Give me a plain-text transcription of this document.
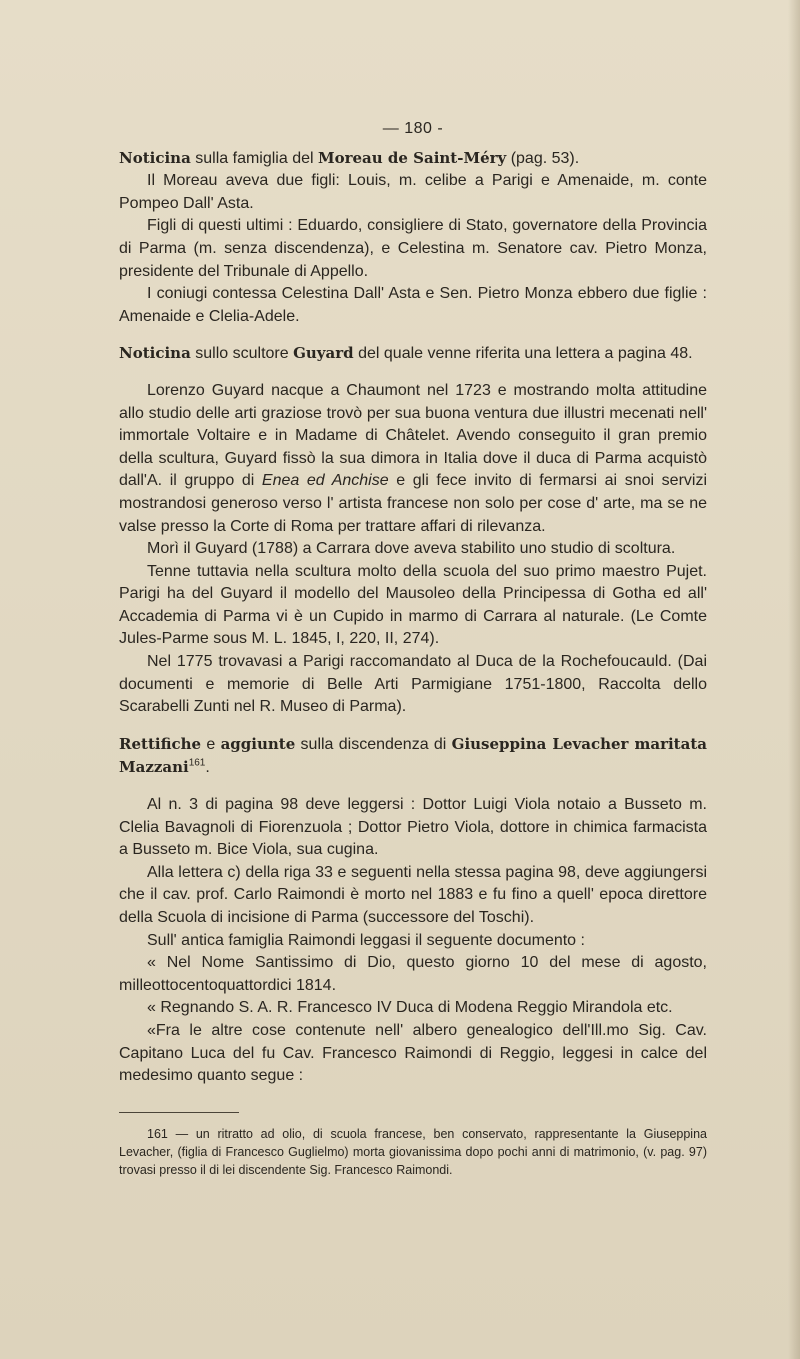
— 180 -

Noticina sulla famiglia del Moreau de Saint-Méry (pag. 53).

Il Moreau aveva due figli: Louis, m. celibe a Parigi e Amenaide, m. conte Pompeo Dall' Asta.

Figli di questi ultimi : Eduardo, consigliere di Stato, governatore della Provincia di Parma (m. senza discendenza), e Celestina m. Senatore cav. Pietro Monza, presidente del Tribunale di Appello.

I coniugi contessa Celestina Dall' Asta e Sen. Pietro Monza ebbero due figlie : Amenaide e Clelia-Adele.

Noticina sullo scultore Guyard del quale venne riferita una lettera a pagina 48.

Lorenzo Guyard nacque a Chaumont nel 1723 e mostrando molta attitudine allo studio delle arti graziose trovò per sua buona ventura due illustri mecenati nell' immortale Voltaire e in Madame di Châtelet. Avendo conseguito il gran premio della scultura, Guyard fissò la sua dimora in Italia dove il duca di Parma acquistò dall'A. il gruppo di Enea ed Anchise e gli fece invito di fermarsi ai snoi servizi mostrandosi generoso verso l' artista francese non solo per cose d' arte, ma se ne valse presso la Corte di Roma per trattare affari di rilevanza.

Morì il Guyard (1788) a Carrara dove aveva stabilito uno studio di scoltura.

Tenne tuttavia nella scultura molto della scuola del suo primo maestro Pujet. Parigi ha del Guyard il modello del Mausoleo della Principessa di Gotha ed all' Accademia di Parma vi è un Cupido in marmo di Carrara al naturale. (Le Comte Jules-Parme sous M. L. 1845, I, 220, II, 274).

Nel 1775 trovavasi a Parigi raccomandato al Duca de la Rochefoucauld. (Dai documenti e memorie di Belle Arti Parmigiane 1751-1800, Raccolta dello Scarabelli Zunti nel R. Museo di Parma).

Rettifiche e aggiunte sulla discendenza di Giuseppina Levacher maritata Mazzani$^{161}$.

Al n. 3 di pagina 98 deve leggersi : Dottor Luigi Viola notaio a Busseto m. Clelia Bavagnoli di Fiorenzuola ; Dottor Pietro Viola, dottore in chimica farmacista a Busseto m. Bice Viola, sua cugina.

Alla lettera c) della riga 33 e seguenti nella stessa pagina 98, deve aggiungersi che il cav. prof. Carlo Raimondi è morto nel 1883 e fu fino a quell' epoca direttore della Scuola di incisione di Parma (successore del Toschi).

Sull' antica famiglia Raimondi leggasi il seguente documento :

« Nel Nome Santissimo di Dio, questo giorno 10 del mese di agosto, milleottocentoquattordici 1814.

« Regnando S. A. R. Francesco IV Duca di Modena Reggio Mirandola etc.

«Fra le altre cose contenute nell' albero genealogico dell'Ill.mo Sig. Cav. Capitano Luca del fu Cav. Francesco Raimondi di Reggio, leggesi in calce del medesimo quanto segue :

161 — un ritratto ad olio, di scuola francese, ben conservato, rappresentante la Giuseppina Levacher, (figlia di Francesco Guglielmo) morta giovanissima dopo pochi anni di matrimonio, (v. pag. 97) trovasi presso il di lei discendente Sig. Francesco Raimondi.
